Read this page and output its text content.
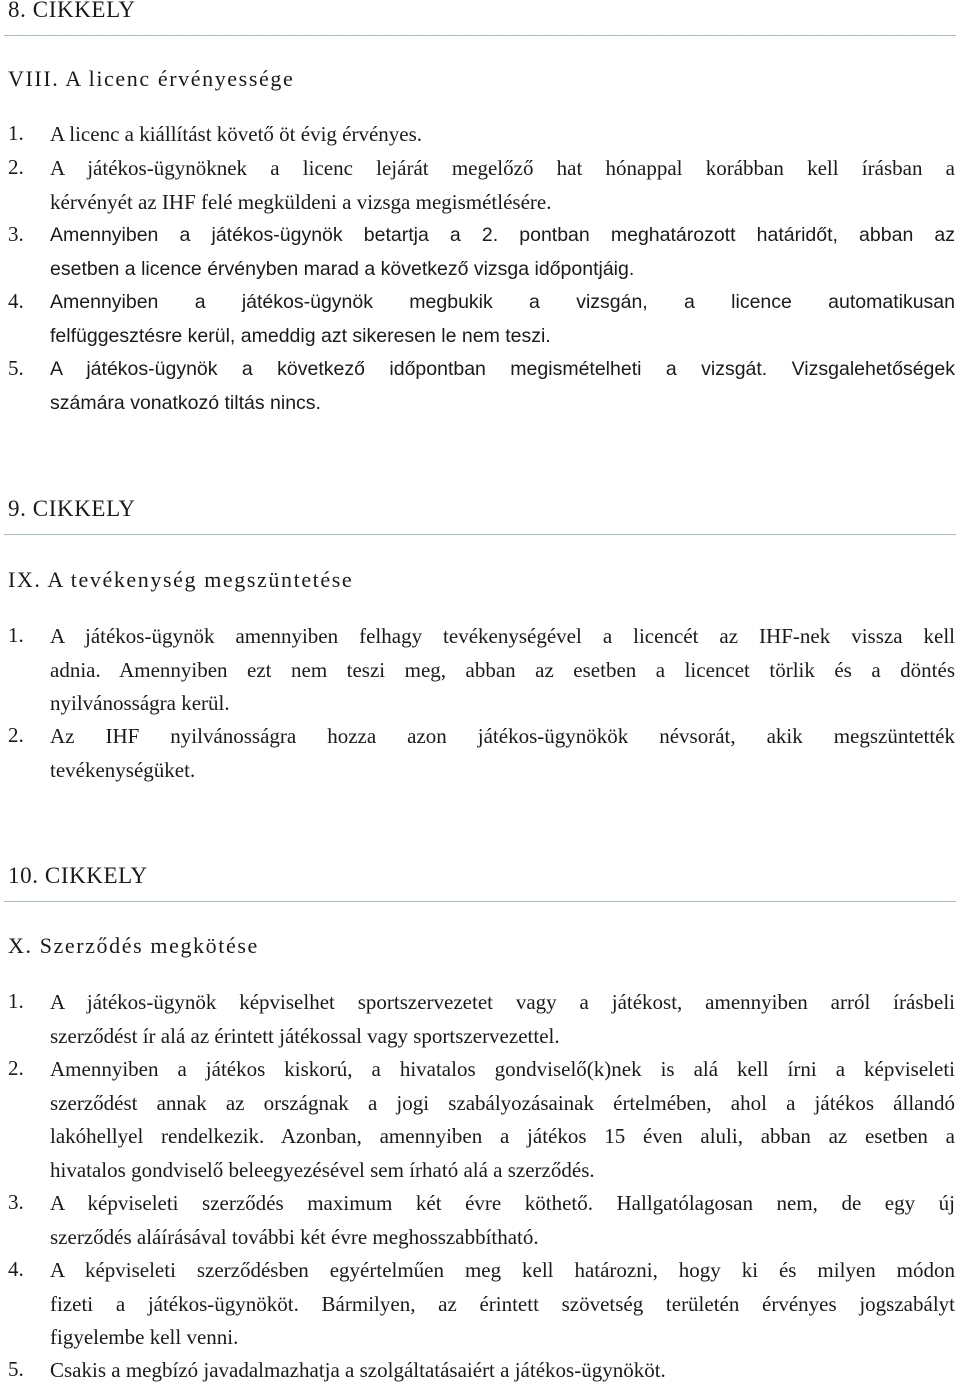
8. CIKKELY
VIII. A licenc érvényessége
1. A licenc a kiállítást követő öt évig érvényes.
2. A játékos-ügynöknek a licenc lejárát megelőző hat hónappal korábban kell írásban a
kérvényét az IHF felé megküldeni a vizsga megismétlésére.
3. Amennyiben a játékos-ügynök betartja a 2. pontban meghatározott határidőt, abban az
esetben a licence érvényben marad a következő vizsga időpontjáig.
4. Amennyiben a játékos-ügynök megbukik a vizsgán, a licence automatikusan
felfüggesztésre kerül, ameddig azt sikeresen le nem teszi.
5. A játékos-ügynök a következő időpontban megismételheti a vizsgát. Vizsgalehetőségek
számára vonatkozó tiltás nincs.
9. CIKKELY
IX. A tevékenység megszüntetése
1. A játékos-ügynök amennyiben felhagy tevékenységével a licencét az IHF-nek vissza kell
adnia. Amennyiben ezt nem teszi meg, abban az esetben a licencet törlik és a döntés
nyilvánosságra kerül.
2. Az IHF nyilvánosságra hozza azon játékos-ügynökök névsorát, akik megszüntették
tevékenységüket.
10. CIKKELY
X. Szerződés megkötése
1. A játékos-ügynök képviselhet sportszervezetet vagy a játékost, amennyiben arról írásbeli
szerződést ír alá az érintett játékossal vagy sportszervezettel.
2. Amennyiben a játékos kiskorú, a hivatalos gondviselő(k)nek is alá kell írni a képviseleti
szerződést annak az országnak a jogi szabályozásainak értelmében, ahol a játékos állandó
lakóhellyel rendelkezik. Azonban, amennyiben a játékos 15 éven aluli, abban az esetben a
hivatalos gondviselő beleegyezésével sem írható alá a szerződés.
3. A képviseleti szerződés maximum két évre köthető. Hallgatólagosan nem, de egy új
szerződés aláírásával további két évre meghosszabbítható.
4. A képviseleti szerződésben egyértelműen meg kell határozni, hogy ki és milyen módon
fizeti a játékos-ügynököt. Bármilyen, az érintett szövetség területén érvényes jogszabályt
figyelembe kell venni.
5. Csakis a megbízó javadalmazhatja a szolgáltatásaiért a játékos-ügynököt.
